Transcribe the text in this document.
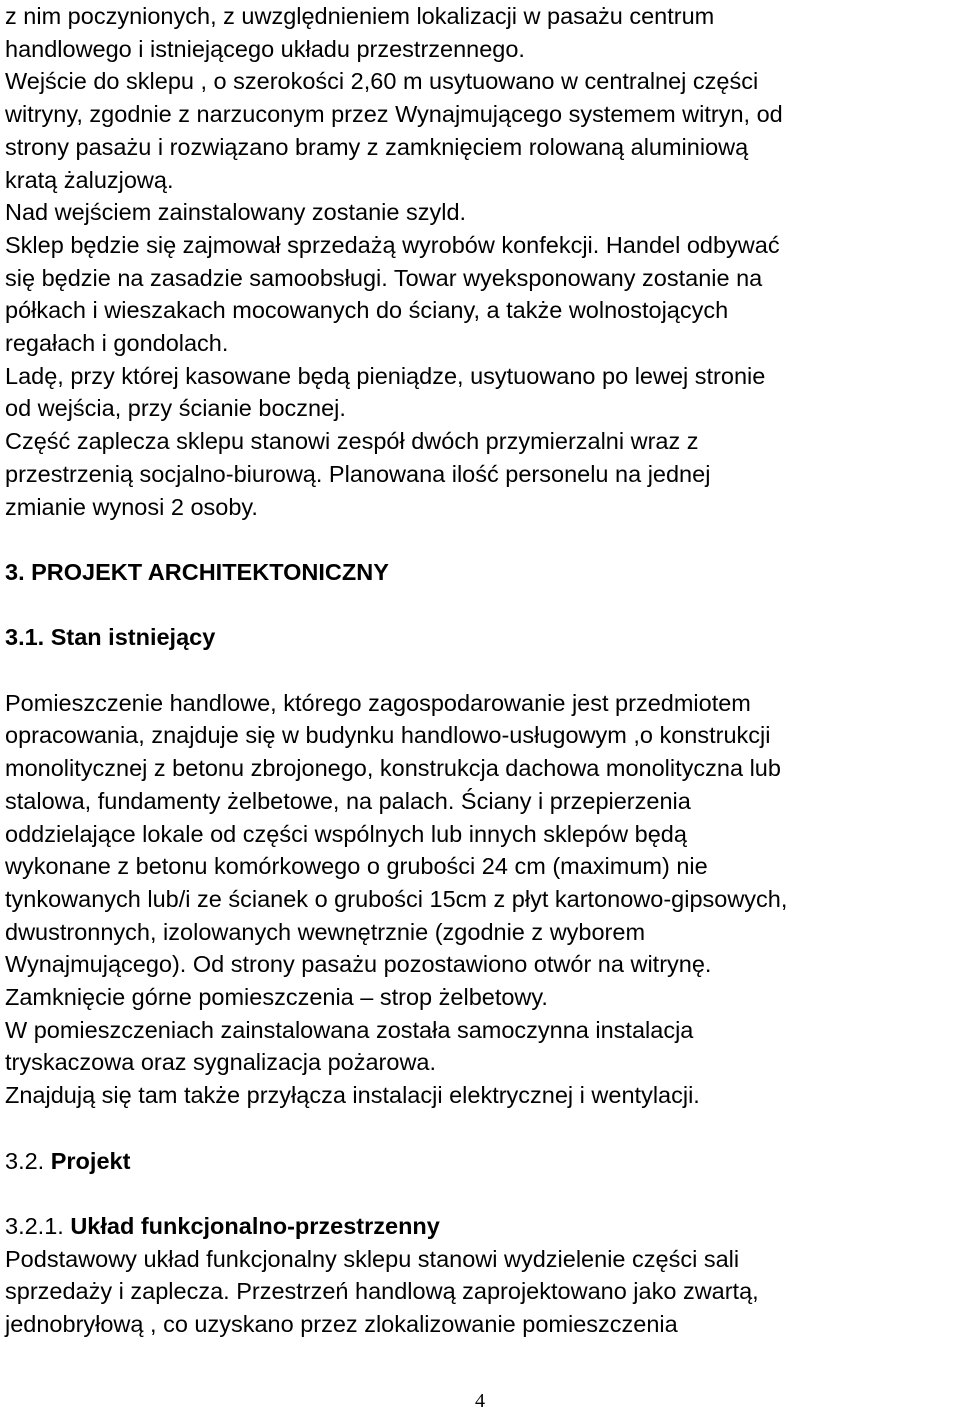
z nim poczynionych, z uwzględnieniem lokalizacji w pasażu centrum

handlowego i istniejącego układu przestrzennego.

Wejście do sklepu , o szerokości 2,60 m usytuowano w centralnej części

witryny, zgodnie z narzuconym przez Wynajmującego systemem witryn, od

strony pasażu i rozwiązano bramy z zamknięciem rolowaną aluminiową

kratą żaluzjową.

Nad wejściem zainstalowany zostanie szyld.

Sklep będzie się zajmował sprzedażą wyrobów konfekcji. Handel odbywać

się będzie na zasadzie samoobsługi. Towar wyeksponowany zostanie na

półkach i wieszakach mocowanych do ściany, a także wolnostojących

regałach i gondolach.

Ladę, przy której kasowane będą pieniądze, usytuowano po lewej stronie

od wejścia, przy ścianie bocznej.

Część zaplecza sklepu stanowi zespół dwóch przymierzalni wraz z

przestrzenią socjalno-biurową. Planowana ilość personelu na jednej

zmianie wynosi 2 osoby.

3. PROJEKT ARCHITEKTONICZNY

3.1. Stan istniejący

Pomieszczenie handlowe, którego zagospodarowanie jest przedmiotem

opracowania, znajduje się w budynku handlowo-usługowym ,o konstrukcji

monolitycznej z betonu zbrojonego, konstrukcja dachowa monolityczna lub

stalowa, fundamenty żelbetowe, na palach. Ściany i przepierzenia

oddzielające lokale od części wspólnych lub innych sklepów będą

wykonane z betonu komórkowego o grubości 24 cm (maximum) nie

tynkowanych lub/i ze ścianek o grubości 15cm z płyt kartonowo-gipsowych,

dwustronnych, izolowanych wewnętrznie (zgodnie z wyborem

Wynajmującego). Od strony pasażu pozostawiono otwór na witrynę.

Zamknięcie górne pomieszczenia – strop żelbetowy.

W pomieszczeniach zainstalowana została samoczynna instalacja

tryskaczowa oraz sygnalizacja pożarowa.

Znajdują się tam także przyłącza instalacji elektrycznej i wentylacji.

3.2. Projekt

3.2.1. Układ funkcjonalno-przestrzenny

Podstawowy układ funkcjonalny sklepu stanowi wydzielenie części sali

sprzedaży i zaplecza. Przestrzeń handlową zaprojektowano jako zwartą,

jednobryłową , co uzyskano przez zlokalizowanie pomieszczenia

4
